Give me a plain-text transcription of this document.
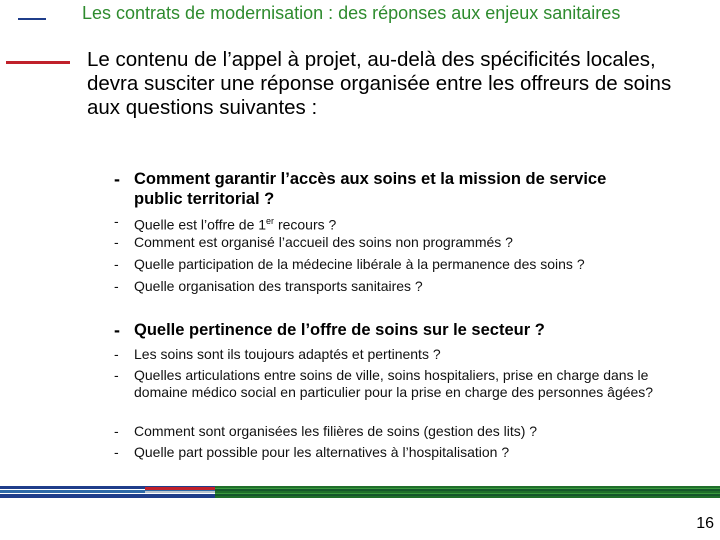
Les contrats de modernisation : des réponses aux enjeux sanitaires

Le contenu de l’appel à projet, au-delà des spécificités locales, devra susciter une réponse organisée entre les offreurs de soins aux questions suivantes :

- Comment garantir l’accès aux soins et la mission de service public territorial ?
-	Quelle est l’offre de 1er recours ?
-	Comment est organisé l’accueil des soins non programmés ?
-	Quelle participation de la médecine libérale à la permanence des soins ?
-	Quelle organisation des transports sanitaires ?
- Quelle pertinence de l’offre de soins sur le secteur ?
-	Les soins sont ils toujours adaptés et pertinents ?
-	Quelles articulations entre soins de ville, soins hospitaliers, prise en charge dans le domaine médico social en particulier pour la prise en charge des personnes âgées?
-	Comment sont organisées les filières de soins (gestion des lits) ?
-	Quelle part possible pour les alternatives à l’hospitalisation ?
16
